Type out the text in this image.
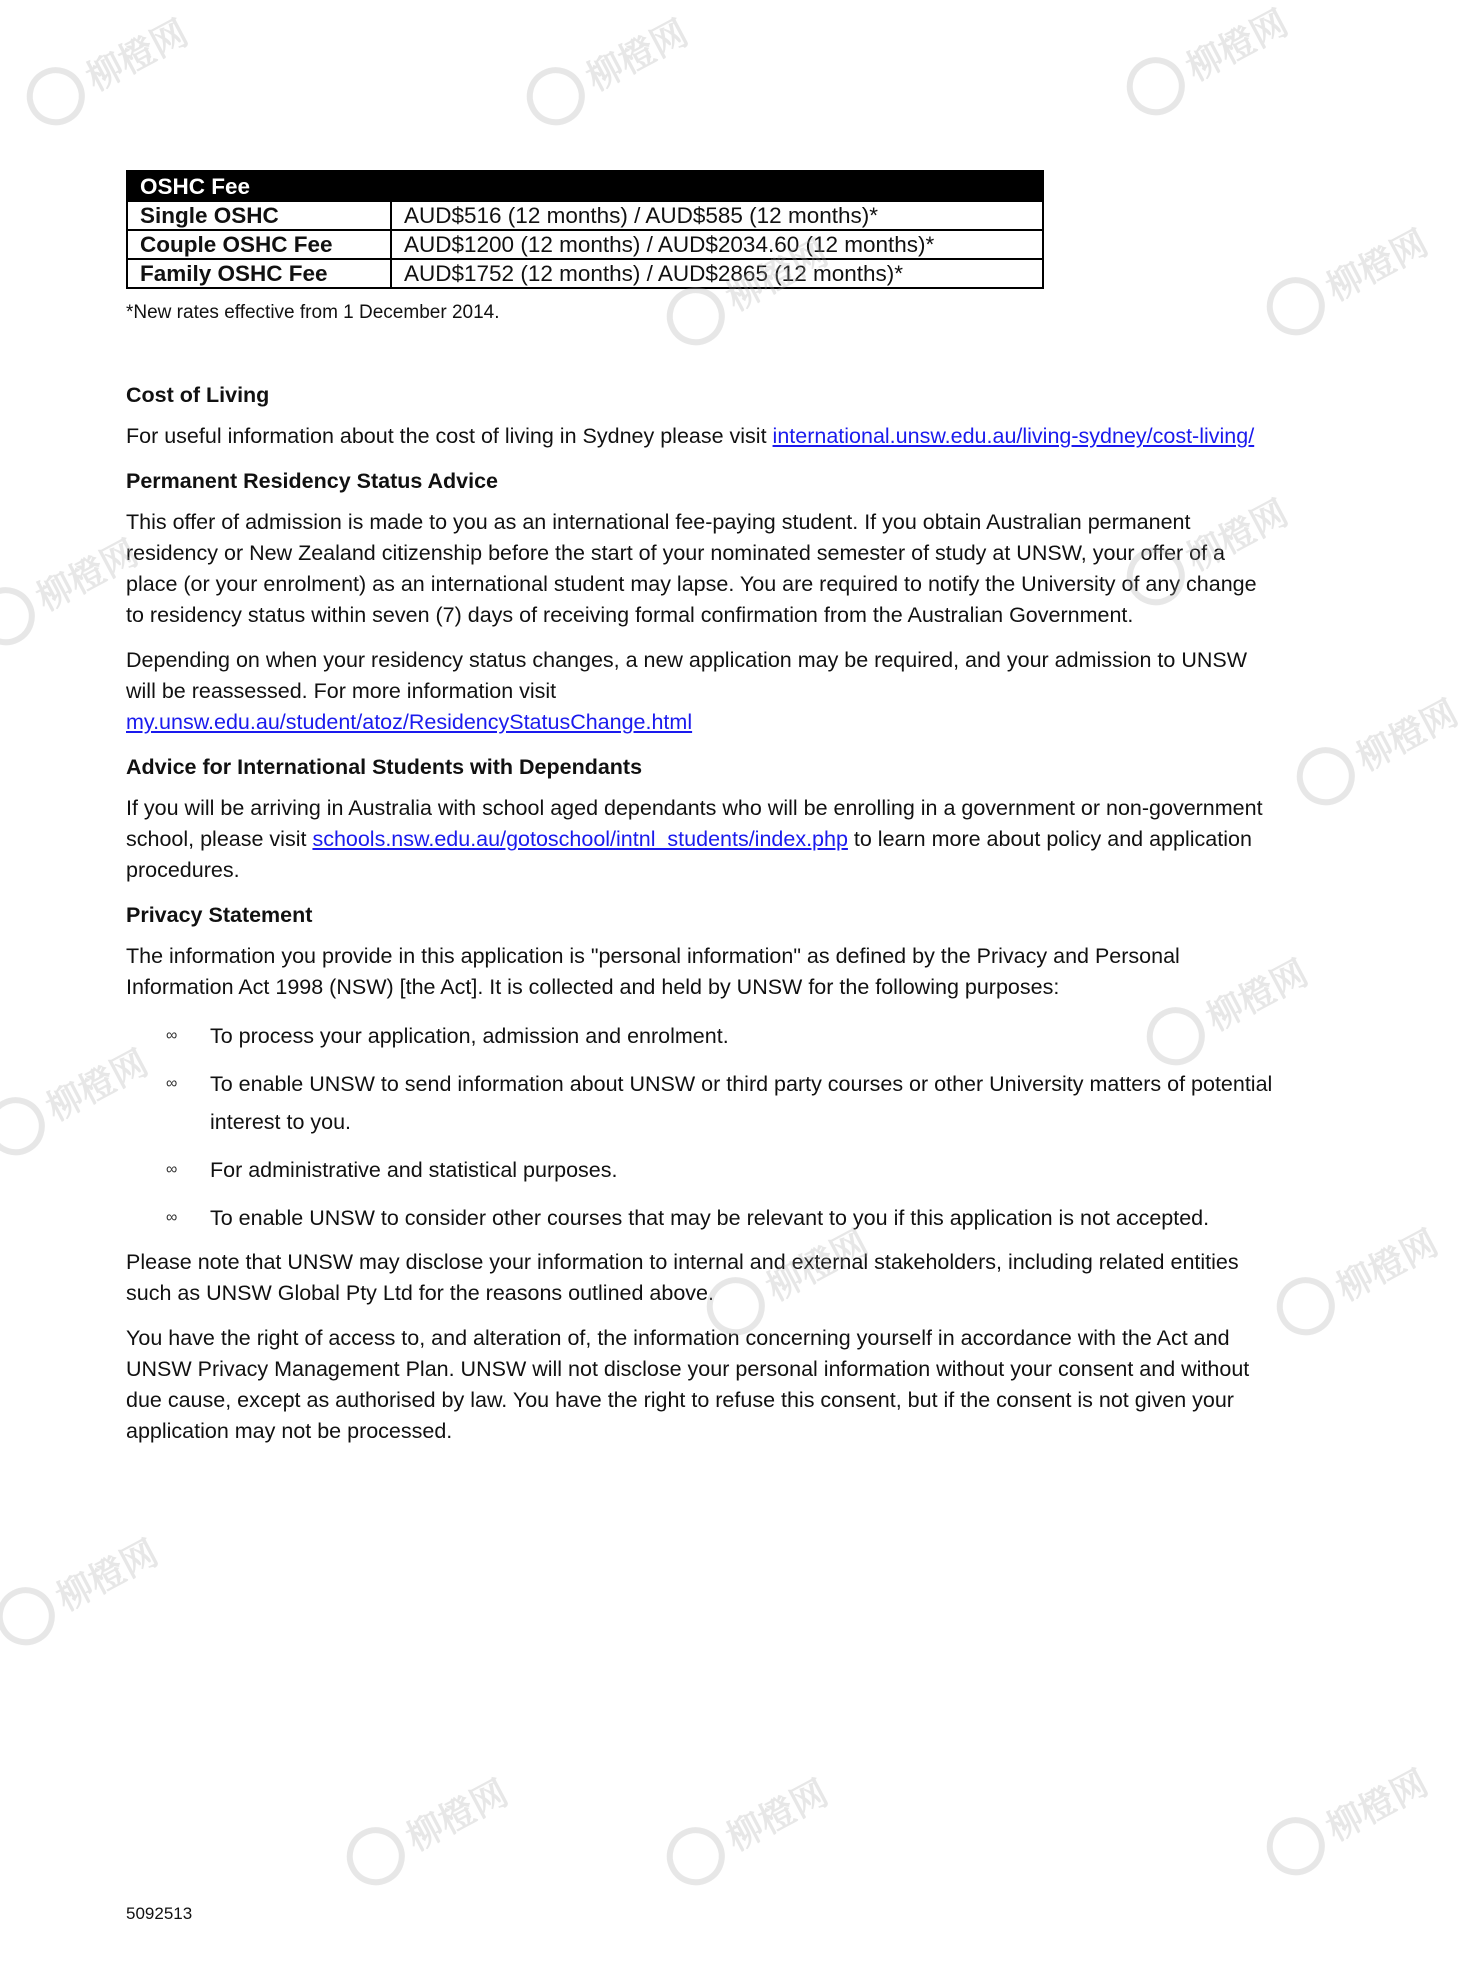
OSHC Fee	
Single OSHC	AUD$516 (12 months) / AUD$585 (12 months)*
Couple OSHC Fee	AUD$1200 (12 months) / AUD$2034.60 (12 months)*
Family OSHC Fee	AUD$1752 (12 months) / AUD$2865 (12 months)*
*New rates effective from 1 December 2014.
Cost of Living

For useful information about the cost of living in Sydney please visit international.unsw.edu.au/living-sydney/cost-living/

Permanent Residency Status Advice

This offer of admission is made to you as an international fee-paying student. If you obtain Australian permanent residency or New Zealand citizenship before the start of your nominated semester of study at UNSW, your offer of a place (or your enrolment) as an international student may lapse. You are required to notify the University of any change to residency status within seven (7) days of receiving formal confirmation from the Australian Government.

Depending on when your residency status changes, a new application may be required, and your admission to UNSW will be reassessed. For more information visit
my.unsw.edu.au/student/atoz/ResidencyStatusChange.html

Advice for International Students with Dependants

If you will be arriving in Australia with school aged dependants who will be enrolling in a government or non-government school, please visit schools.nsw.edu.au/gotoschool/intnl_students/index.php to learn more about policy and application procedures.

Privacy Statement

The information you provide in this application is "personal information" as defined by the Privacy and Personal Information Act 1998 (NSW) [the Act]. It is collected and held by UNSW for the following purposes:

∞ To process your application, admission and enrolment.
∞ To enable UNSW to send information about UNSW or third party courses or other University matters of potential interest to you.
∞ For administrative and statistical purposes.
∞ To enable UNSW to consider other courses that may be relevant to you if this application is not accepted.

Please note that UNSW may disclose your information to internal and external stakeholders, including related entities such as UNSW Global Pty Ltd for the reasons outlined above.

You have the right of access to, and alteration of, the information concerning yourself in accordance with the Act and UNSW Privacy Management Plan. UNSW will not disclose your personal information without your consent and without due cause, except as authorised by law. You have the right to refuse this consent, but if the consent is not given your application may not be processed.

5092513
柳橙网	柳橙网	柳橙网
柳橙网	柳橙网
柳橙网	柳橙网
柳橙网
柳橙网
柳橙网
柳橙网	柳橙网
柳橙网
柳橙网	柳橙网	柳橙网
